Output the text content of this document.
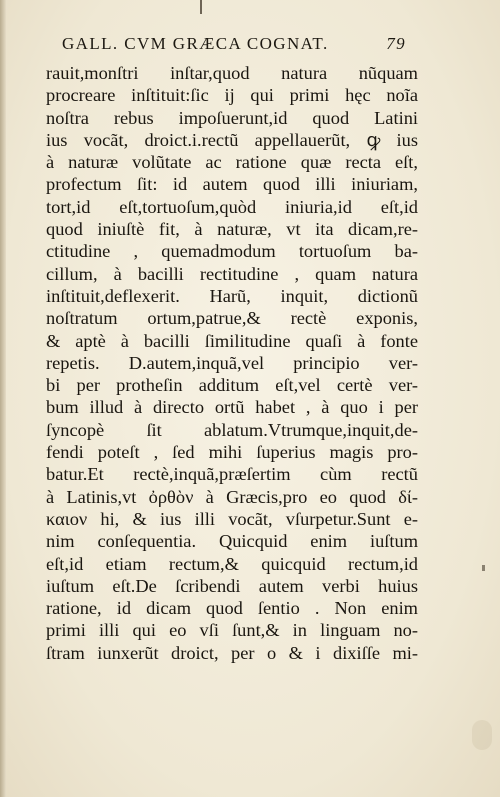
GALL. CVM GRÆCA COGNAT.	79
rauit,monſtri inſtar,quod natura nũquam
procreare inſtituit:ſic ij qui primi hęc noĩa
noſtra rebus impoſuerunt,id quod Latini
ius vocãt, droict.i.rectũ appellauerũt, ꝙ ius
à naturæ volũtate ac ratione quæ recta eſt,
profectum ſit: id autem quod illi iniuriam,
tort,id eſt,tortuoſum,quòd iniuria,id eſt,id
quod iniuſtè fit, à naturæ, vt ita dicam,re-
ctitudine , quemadmodum tortuoſum ba-
cillum, à bacilli rectitudine , quam natura
inſtituit,deflexerit. Harũ, inquit, dictionũ
noſtratum ortum,patrue,& rectè exponis,
& aptè à bacilli ſimilitudine quaſi à fonte
repetis. D.autem,inquã,vel principio ver-
bi per protheſin additum eſt,vel certè ver-
bum illud à directo ortũ habet , à quo i per
ſyncopè ſit ablatum.Vtrumque,inquit,de-
fendi poteſt , ſed mihi ſuperius magis pro-
batur.Et rectè,inquã,præſertim cùm rectũ
à Latinis,vt ὀρθὸν à Græcis,pro eo quod δί-
καιον hi, & ius illi vocãt, vſurpetur.Sunt e-
nim conſequentia. Quicquid enim iuſtum
eſt,id etiam rectum,& quicquid rectum,id
iuſtum eſt.De ſcribendi autem verbi huius
ratione, id dicam quod ſentio . Non enim
primi illi qui eo vſi ſunt,& in linguam no-
ſtram iunxerũt droict, per o & i dixiſſe mi-
